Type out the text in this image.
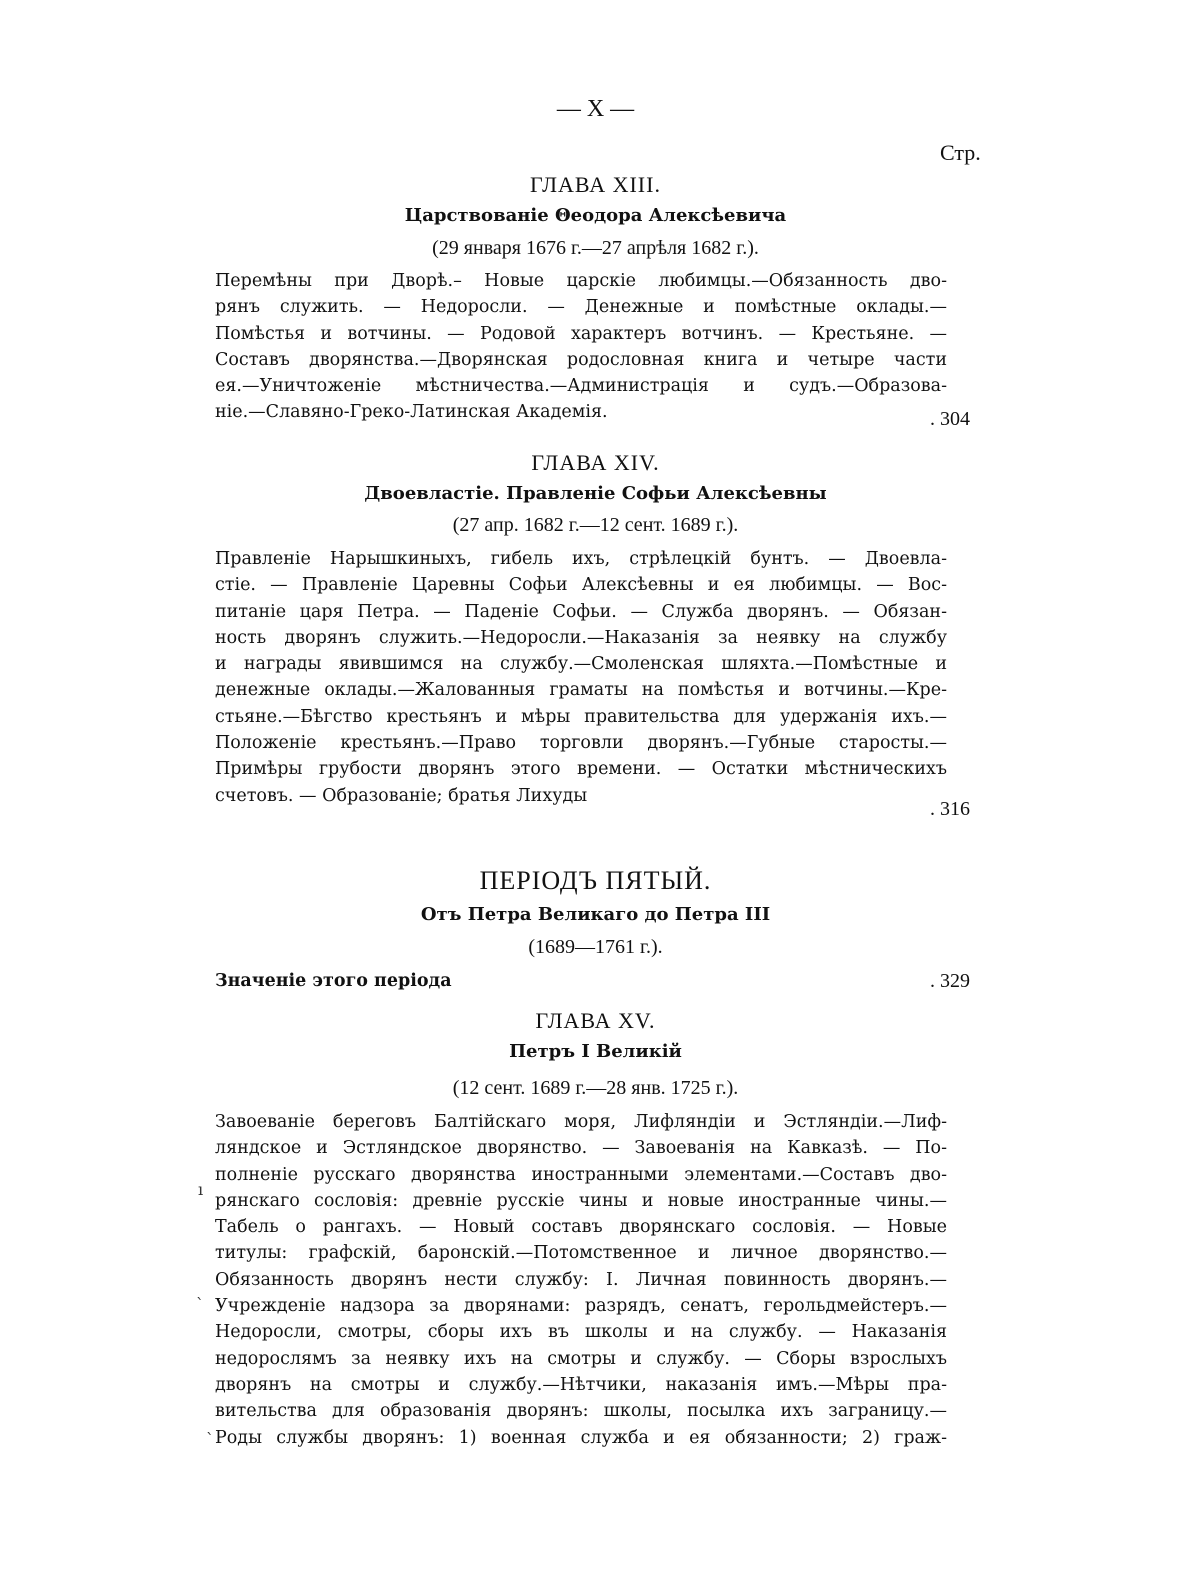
— X —
Стр.
ГЛАВА XIII.
Царствованіе Θеодора Алексѣевича
(29 января 1676 г.—27 апрѣля 1682 г.).
Перемѣны при Дворѣ.– Новые царскіе любимцы.—Обязанность дво-
рянъ служить. — Недоросли. — Денежные и помѣстные оклады.—
Помѣстья и вотчины. — Родовой характеръ вотчинъ. — Крестьяне. —
Составъ дворянства.—Дворянская родословная книга и четыре части
ея.—Уничтоженіе мѣстничества.—Администрація и судъ.—Образова-
ніе.—Славяно-Греко-Латинская Академія.	. 304
ГЛАВА XIV.
Двоевластіе. Правленіе Софьи Алексѣевны
(27 апр. 1682 г.—12 сент. 1689 г.).
Правленіе Нарышкиныхъ, гибель ихъ, стрѣлецкій бунтъ. — Двоевла-
стіе. — Правленіе Царевны Софьи Алексѣевны и ея любимцы. — Вос-
питаніе царя Петра. — Паденіе Софьи. — Служба дворянъ. — Обязан-
ность дворянъ служить.—Недоросли.—Наказанія за неявку на службу
и награды явившимся на службу.—Смоленская шляхта.—Помѣстные и
денежные оклады.—Жалованныя граматы на помѣстья и вотчины.—Кре-
стьяне.—Бѣгство крестьянъ и мѣры правительства для удержанія ихъ.—
Положеніе крестьянъ.—Право торговли дворянъ.—Губные старосты.—
Примѣры грубости дворянъ этого времени. — Остатки мѣстническихъ
счетовъ. — Образованіе; братья Лихуды
. 316
ПЕРІОДЪ ПЯТЫЙ.
Отъ Петра Великаго до Петра III
(1689—1761 г.).
Значеніе этого періода	. 329
ГЛАВА XV.
Петръ I Великій
(12 сент. 1689 г.—28 янв. 1725 г.).
Завоеваніе береговъ Балтійскаго моря, Лифляндіи и Эстляндіи.—Лиф-
ляндское и Эстляндское дворянство. — Завоеванія на Кавказѣ. — По-
полненіе русскаго дворянства иностранными элементами.—Составъ дво-
рянскаго сословія: древніе русскіе чины и новые иностранные чины.—
Табель о рангахъ. — Новый составъ дворянскаго сословія. — Новые
титулы: графскій, баронскій.—Потомственное и личное дворянство.—
Обязанность дворянъ нести службу: I. Личная повинность дворянъ.—
Учрежденіе надзора за дворянами: разрядъ, сенатъ, герольдмейстеръ.—
Недоросли, смотры, сборы ихъ въ школы и на службу. — Наказанія
недорослямъ за неявку ихъ на смотры и службу. — Сборы взрослыхъ
дворянъ на смотры и службу.—Нѣтчики, наказанія имъ.—Мѣры пра-
вительства для образованія дворянъ: школы, посылка ихъ заграницу.—
Роды службы дворянъ: 1) военная служба и ея обязанности; 2) граж-
ı
ˋ
ˋ
